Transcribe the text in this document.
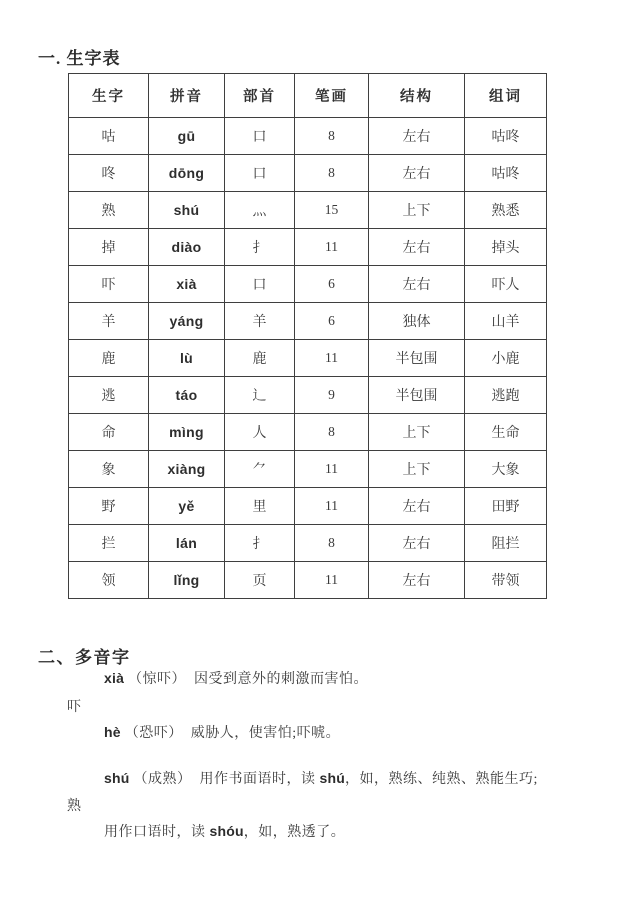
一. 生字表
生字	拼音	部首	笔画	结构	组词
咕	gū	口	8	左右	咕咚
咚	dōng	口	8	左右	咕咚
熟	shú	灬	15	上下	熟悉
掉	diào	扌	11	左右	掉头
吓	xià	口	6	左右	吓人
羊	yáng	羊	6	独体	山羊
鹿	lù	鹿	11	半包围	小鹿
逃	táo	辶	9	半包围	逃跑
命	mìng	人	8	上下	生命
象	xiàng	⺈	11	上下	大象
野	yě	里	11	左右	田野
拦	lán	扌	8	左右	阻拦
领	lǐng	页	11	左右	带领
二、多音字
xià （惊吓）  因受到意外的刺激而害怕。
吓
hè （恐吓）  威胁人，使害怕;吓唬。
shú （成熟）  用作书面语时，读 shú，如，熟练、纯熟、熟能生巧;
熟
用作口语时，读 shóu，如，熟透了。
